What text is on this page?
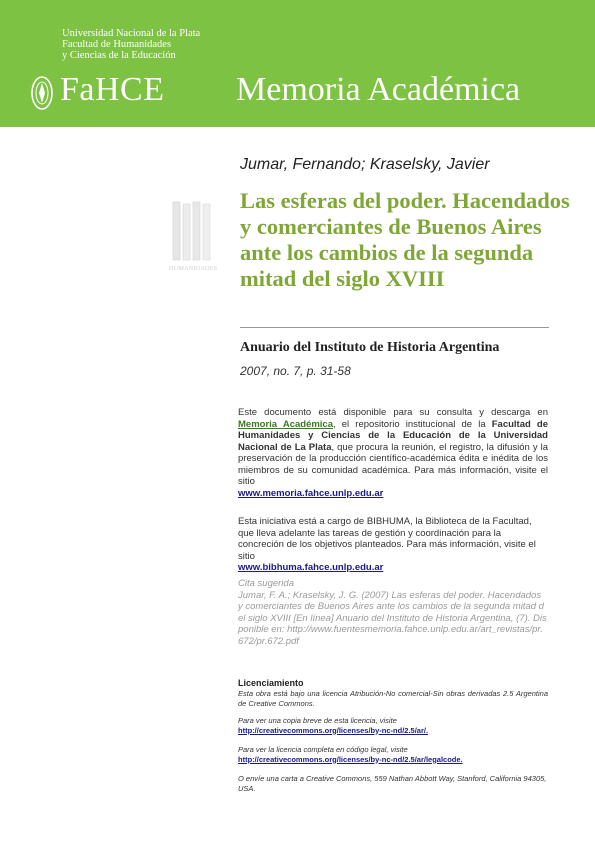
Universidad Nacional de la Plata
Facultad de Humanidades
y Ciencias de la Educación
FaHCE Memoria Académica
Jumar, Fernando; Kraselsky, Javier
HUMANIDADES
Las esferas del poder. Hacendados y comerciantes de Buenos Aires ante los cambios de la segunda mitad del siglo XVIII
Anuario del Instituto de Historia Argentina
2007, no. 7, p. 31-58
Este documento está disponible para su consulta y descarga en Memoria Académica, el repositorio institucional de la Facultad de Humanidades y Ciencias de la Educación de la Universidad Nacional de La Plata, que procura la reunión, el registro, la difusión y la preservación de la producción científico-académica édita e inédita de los miembros de su comunidad académica. Para más información, visite el sitio
www.memoria.fahce.unlp.edu.ar
Esta iniciativa está a cargo de BIBHUMA, la Biblioteca de la Facultad, que lleva adelante las tareas de gestión y coordinación para la concreción de los objetivos planteados. Para más información, visite el sitio
www.bibhuma.fahce.unlp.edu.ar
Cita sugerida
Jumar, F. A.; Kraselsky, J. G. (2007) Las esferas del poder. Hacendados y comerciantes de Buenos Aires ante los cambios de la segunda mitad del siglo XVIII [En línea] Anuario del Instituto de Historia Argentina, (7). Disponible en: http://www.fuentesmemoria.fahce.unlp.edu.ar/art_revistas/pr.672/pr.672.pdf
Licenciamiento
Esta obra está bajo una licencia Atribución-No comercial-Sin obras derivadas 2.5 Argentina de Creative Commons.
Para ver una copia breve de esta licencia, visite
http://creativecommons.org/licenses/by-nc-nd/2.5/ar/.
Para ver la licencia completa en código legal, visite
http://creativecommons.org/licenses/by-nc-nd/2.5/ar/legalcode.
O envíe una carta a Creative Commons, 559 Nathan Abbott Way, Stanford, California 94305, USA.
